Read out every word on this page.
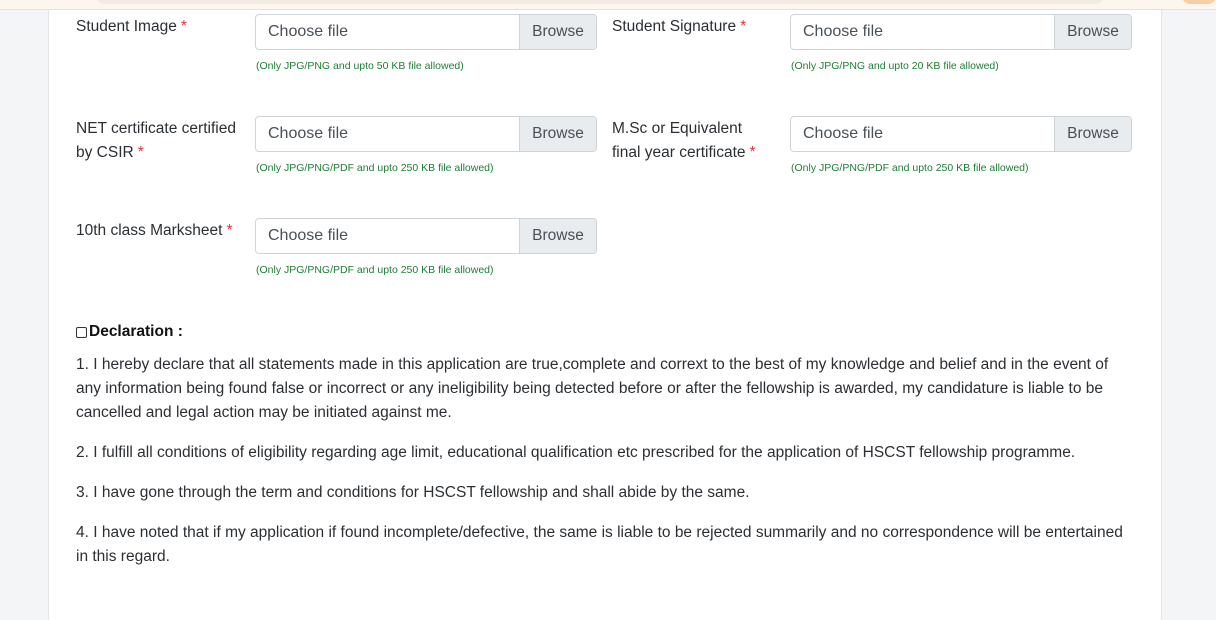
Student Image *	Choose file	Browse
(Only JPG/PNG and upto 50 KB file allowed)
Student Signature *	Choose file	Browse
(Only JPG/PNG and upto 20 KB file allowed)
NET certificate certified
by CSIR *
Choose file	Browse
(Only JPG/PNG/PDF and upto 250 KB file allowed)
M.Sc or Equivalent
final year certificate *
Choose file	Browse
(Only JPG/PNG/PDF and upto 250 KB file allowed)
10th class Marksheet *	Choose file	Browse
(Only JPG/PNG/PDF and upto 250 KB file allowed)
Declaration :

1. I hereby declare that all statements made in this application are true,complete and corrext to the best of my knowledge and belief and in the event of any information being found false or incorrect or any ineligibility being detected before or after the fellowship is awarded, my candidature is liable to be cancelled and legal action may be initiated against me.

2. I fulfill all conditions of eligibility regarding age limit, educational qualification etc prescribed for the application of HSCST fellowship programme.

3. I have gone through the term and conditions for HSCST fellowship and shall abide by the same.

4. I have noted that if my application if found incomplete/defective, the same is liable to be rejected summarily and no correspondence will be entertained in this regard.
